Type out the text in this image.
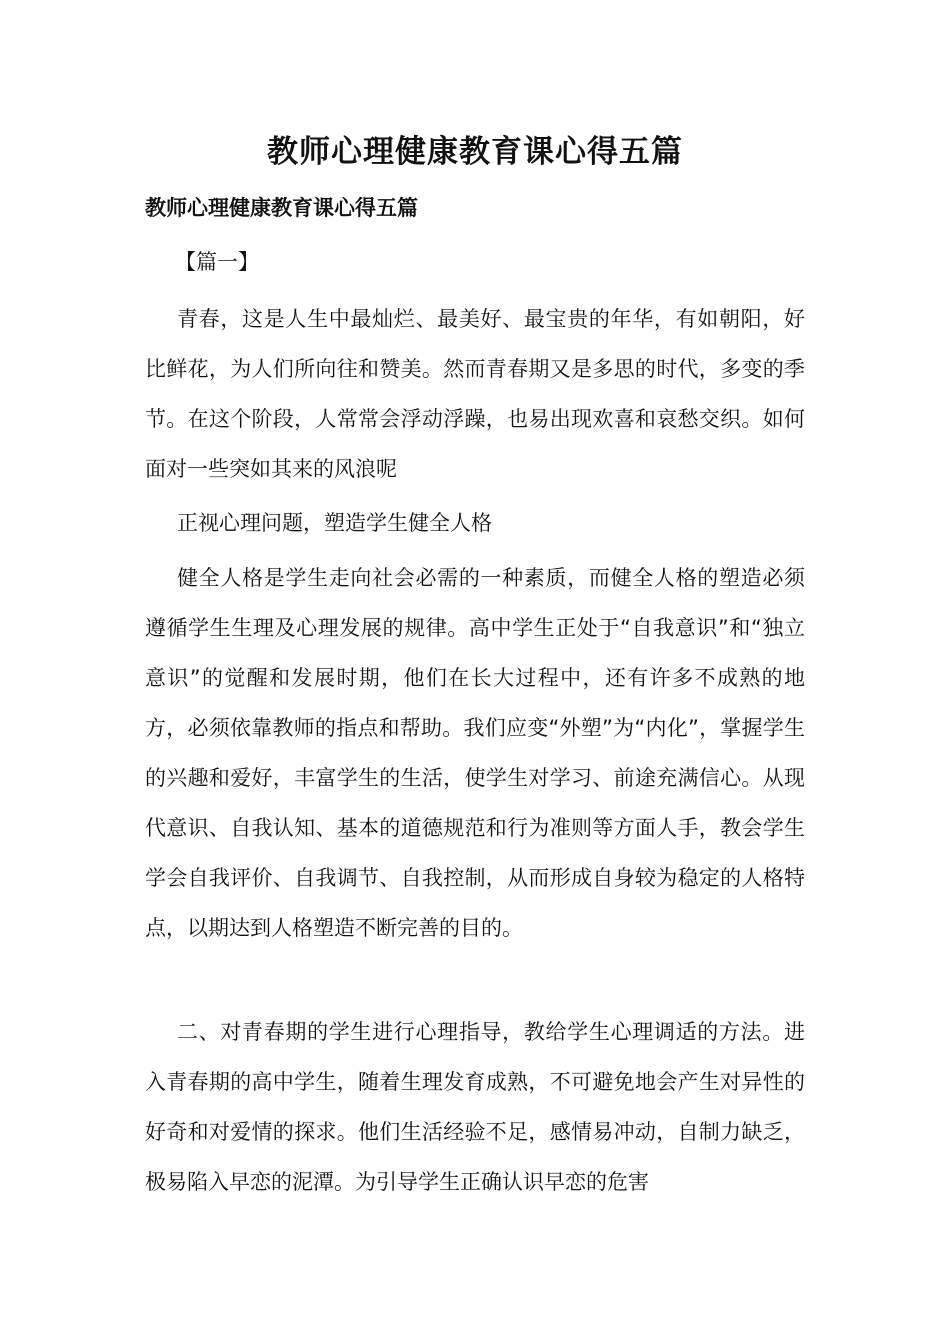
教师心理健康教育课心得五篇
教师心理健康教育课心得五篇

【篇一】

青春，这是人生中最灿烂、最美好、最宝贵的年华，有如朝阳，好比鲜花，为人们所向往和赞美。然而青春期又是多思的时代，多变的季节。在这个阶段，人常常会浮动浮躁，也易出现欢喜和哀愁交织。如何面对一些突如其来的风浪呢

正视心理问题，塑造学生健全人格

健全人格是学生走向社会必需的一种素质，而健全人格的塑造必须遵循学生生理及心理发展的规律。高中学生正处于“自我意识”和“独立意识”的觉醒和发展时期，他们在长大过程中，还有许多不成熟的地方，必须依靠教师的指点和帮助。我们应变“外塑”为“内化”，掌握学生的兴趣和爱好，丰富学生的生活，使学生对学习、前途充满信心。从现代意识、自我认知、基本的道德规范和行为准则等方面人手，教会学生学会自我评价、自我调节、自我控制，从而形成自身较为稳定的人格特点，以期达到人格塑造不断完善的目的。

二、对青春期的学生进行心理指导，教给学生心理调适的方法。进入青春期的高中学生，随着生理发育成熟，不可避免地会产生对异性的好奇和对爱情的探求。他们生活经验不足，感情易冲动，自制力缺乏，极易陷入早恋的泥潭。为引导学生正确认识早恋的危害
